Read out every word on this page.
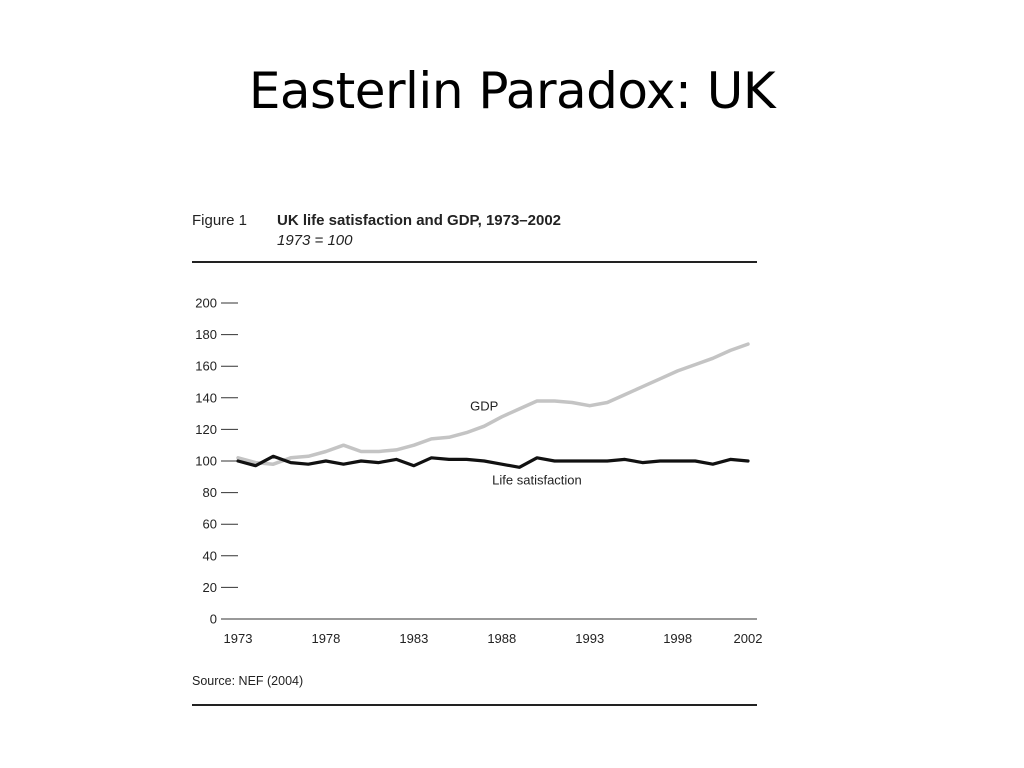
Easterlin Paradox: UK
Figure 1 UK life satisfaction and GDP, 1973–2002
1973 = 100
0
20
40
60
80
100
120
140
160
180
200
1973	1978	1983	1988	1993	1998	2002
GDP
Life satisfaction
Source: NEF (2004)
